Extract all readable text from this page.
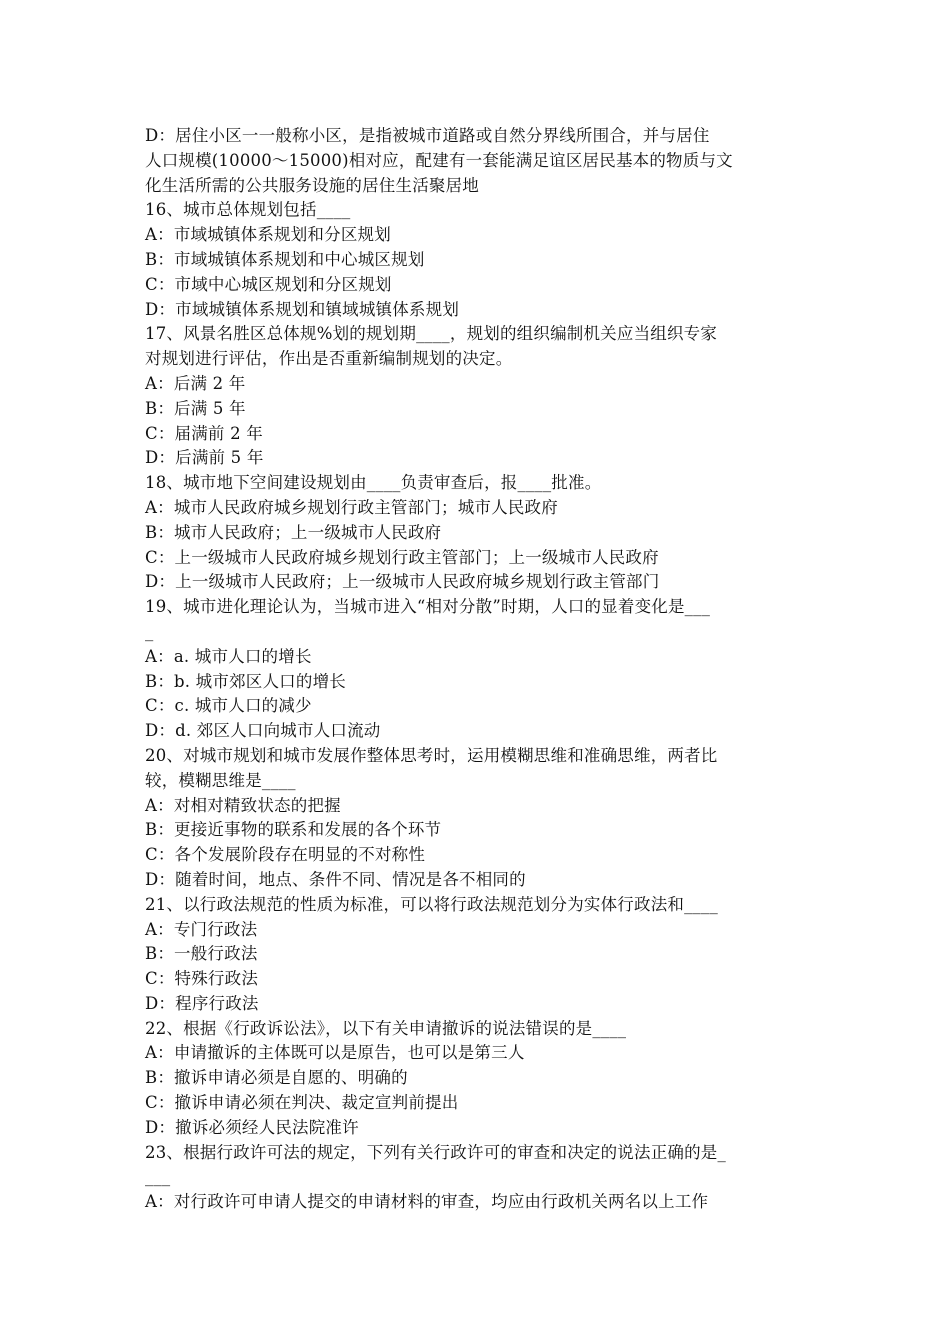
D：居住小区一一般称小区，是指被城市道路或自然分界线所围合，并与居住
人口规模(10000～15000)相对应，配建有一套能满足谊区居民基本的物质与文
化生活所需的公共服务设施的居住生活聚居地
16、城市总体规划包括____
A：市域城镇体系规划和分区规划
B：市域城镇体系规划和中心城区规划
C：市域中心城区规划和分区规划
D：市域城镇体系规划和镇域城镇体系规划
17、风景名胜区总体规%划的规划期____，规划的组织编制机关应当组织专家
对规划进行评估，作出是否重新编制规划的决定。
A：后满 2 年
B：后满 5 年
C：届满前 2 年
D：后满前 5 年
18、城市地下空间建设规划由____负责审查后，报____批准。
A：城市人民政府城乡规划行政主管部门；城市人民政府
B：城市人民政府；上一级城市人民政府
C：上一级城市人民政府城乡规划行政主管部门；上一级城市人民政府
D：上一级城市人民政府；上一级城市人民政府城乡规划行政主管部门
19、城市进化理论认为，当城市进入“相对分散”时期，人口的显着变化是___
_
A：a. 城市人口的增长
B：b. 城市郊区人口的增长
C：c. 城市人口的减少
D：d. 郊区人口向城市人口流动
20、对城市规划和城市发展作整体思考时，运用模糊思维和准确思维，两者比
较，模糊思维是____
A：对相对精致状态的把握
B：更接近事物的联系和发展的各个环节
C：各个发展阶段存在明显的不对称性
D：随着时间，地点、条件不同、情况是各不相同的
21、以行政法规范的性质为标准，可以将行政法规范划分为实体行政法和____
A：专门行政法
B：一般行政法
C：特殊行政法
D：程序行政法
22、根据《行政诉讼法》，以下有关申请撤诉的说法错误的是____
A：申请撤诉的主体既可以是原告，也可以是第三人
B：撤诉申请必须是自愿的、明确的
C：撤诉申请必须在判决、裁定宣判前提出
D：撤诉必须经人民法院准许
23、根据行政许可法的规定，下列有关行政许可的审查和决定的说法正确的是_
___
A：对行政许可申请人提交的申请材料的审查，均应由行政机关两名以上工作
